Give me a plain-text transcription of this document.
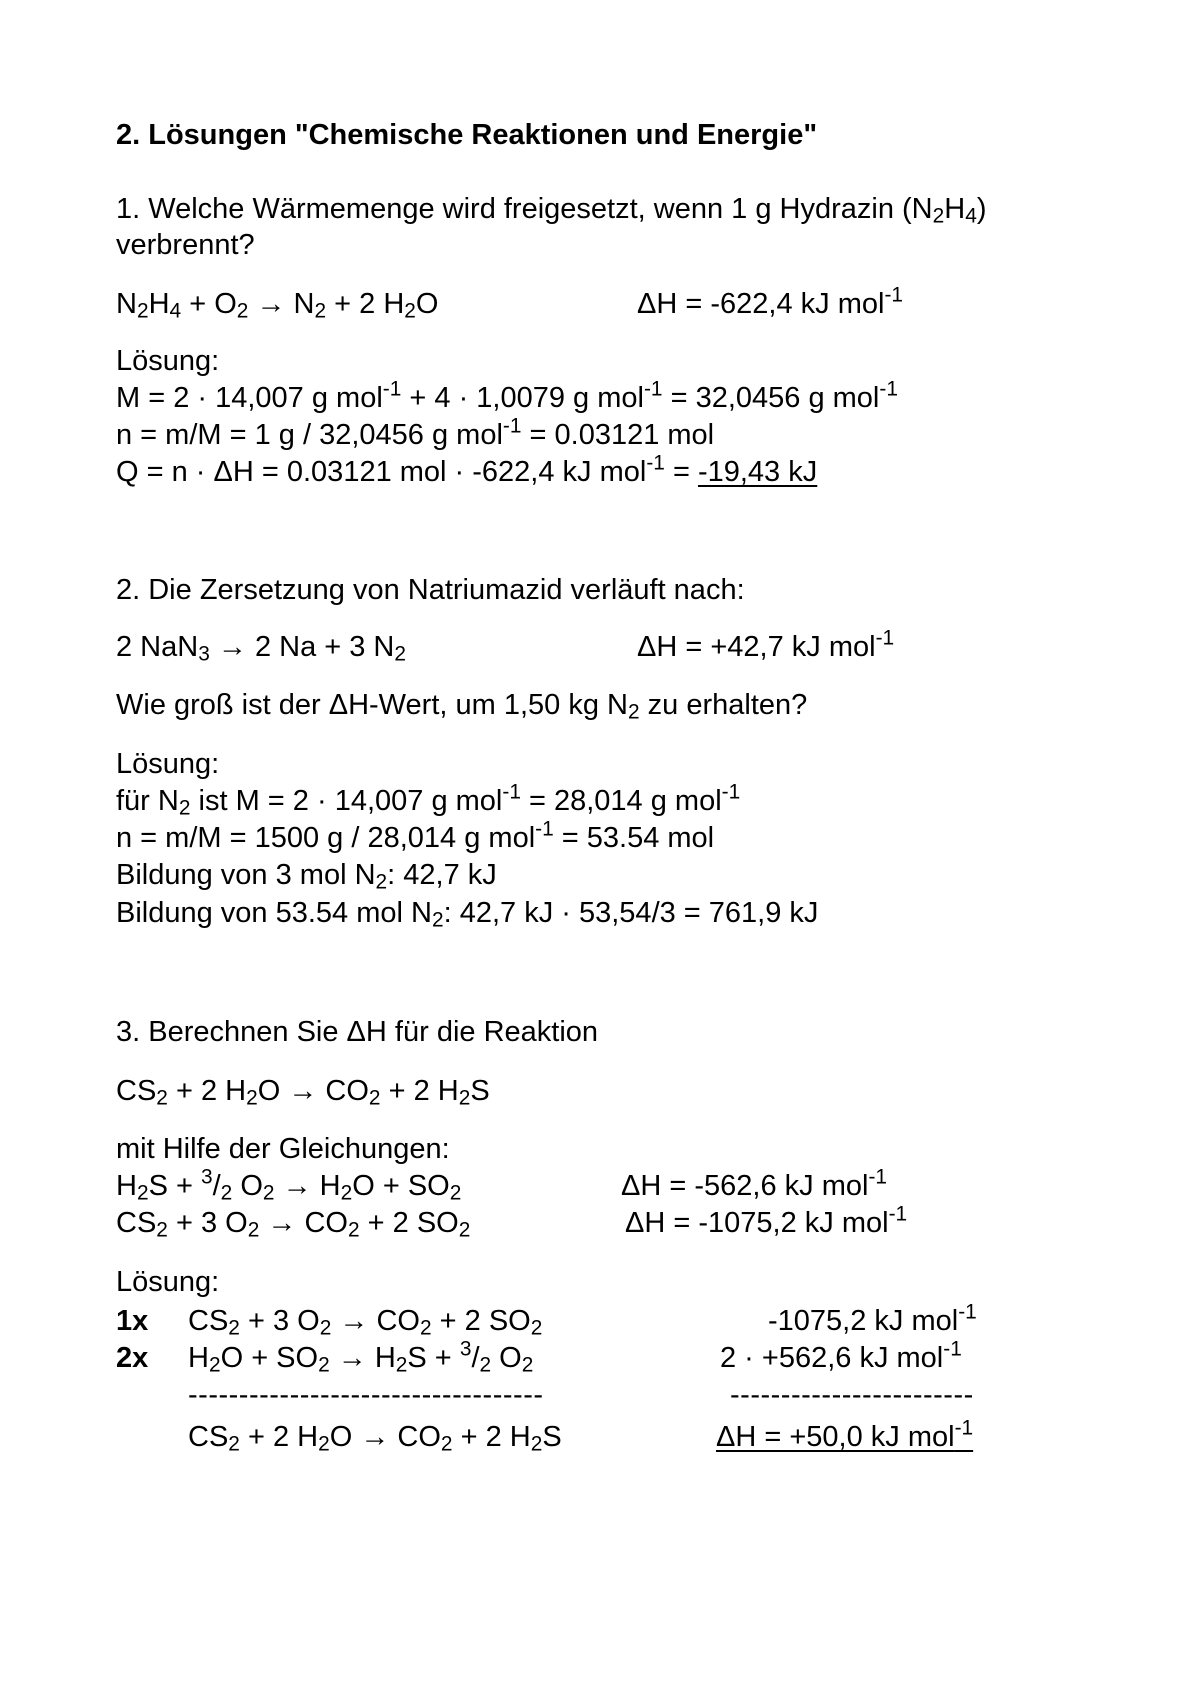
2. Lösungen "Chemische Reaktionen und Energie"
1. Welche Wärmemenge wird freigesetzt, wenn 1 g Hydrazin $(N_2H_4)$
verbrennt?
$N_2H_4 + O_2 \to N_2 + 2$ $H_2O$	ΔH = -622,4 kJ mol$^{-1}$
Lösung:
M = 2 · 14,007 g mol$^{-1}$ + 4 · 1,0079 g mol$^{-1}$ = 32,0456 g mol$^{-1}$
n = m/M = 1 g / 32,0456 g mol$^{-1}$ = 0.03121 mol
Q = n · ΔH = 0.03121 mol · -622,4 kJ mol$^{-1}$ = -19,43 kJ
2. Die Zersetzung von Natriumazid verläuft nach:
2 NaN$_3$ → 2 Na + 3 $N_2$	ΔH = +42,7 kJ mol$^{-1}$
Wie groß ist der ΔH-Wert, um 1,50 kg $N_2$ zu erhalten?
Lösung:
für $N_2$ ist M = 2 · 14,007 g mol$^{-1}$ = 28,014 g mol$^{-1}$
n = m/M = 1500 g / 28,014 g mol$^{-1}$ = 53.54 mol
Bildung von 3 mol $N_2$: 42,7 kJ
Bildung von 53.54 mol $N_2$: 42,7 kJ · 53,54/3 = 761,9 kJ
3. Berechnen Sie ΔH für die Reaktion
$CS_2 + 2$ $H_2O \to CO_2 + 2$ $H_2S$
mit Hilfe der Gleichungen:
$H_2S + ^3/_2$ $O_2 \to H_2O + SO_2$	ΔH = -562,6 kJ mol$^{-1}$
$CS_2 + 3$ $O_2 \to CO_2 + 2$ $SO_2$	ΔH = -1075,2 kJ mol$^{-1}$
Lösung:
1x $CS_2 + 3$ $O_2 \to CO_2 + 2$ $SO_2$	-1075,2 kJ mol$^{-1}$
2x $H_2O + SO_2 \to H_2S + ^3/_2$ $O_2$	2 · +562,6 kJ mol$^{-1}$
-----------------------------------	------------------------
$CS_2 + 2$ $H_2O \to CO_2 + 2$ $H_2S$	ΔH = +50,0 kJ mol$^{-1}$
